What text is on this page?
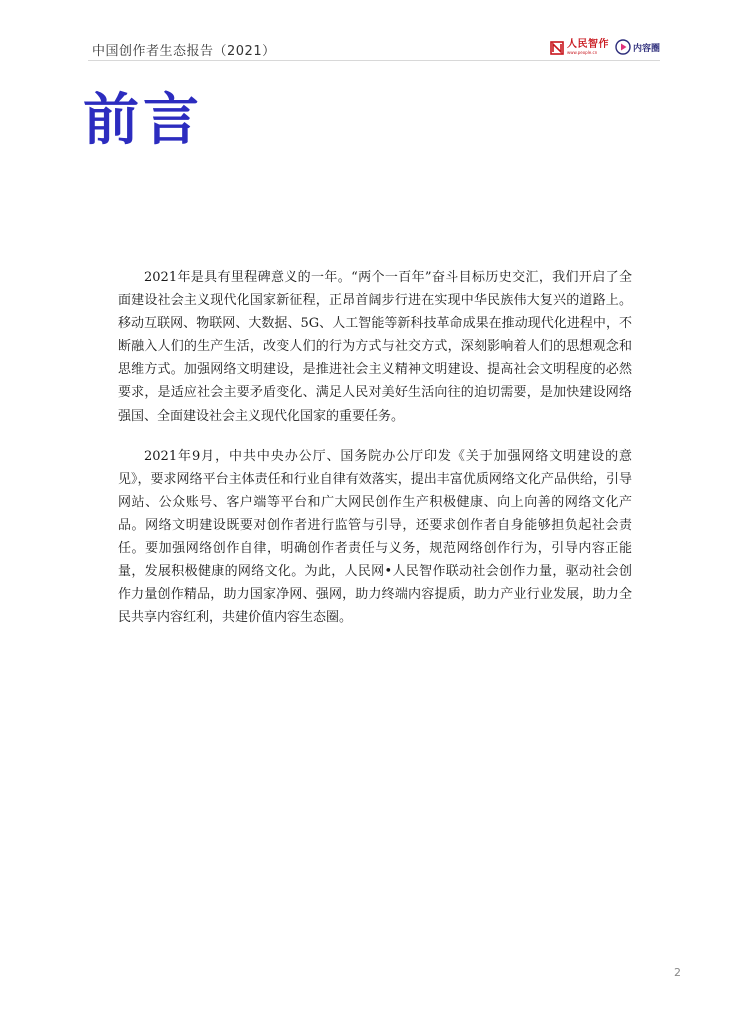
中国创作者生态报告（2021）	人民智作
www.people.cn	内容圈
前言

2021年是具有里程碑意义的一年。“两个一百年”奋斗目标历史交汇，我们开启了全面建设社会主义现代化国家新征程，正昂首阔步行进在实现中华民族伟大复兴的道路上。移动互联网、物联网、大数据、5G、人工智能等新科技革命成果在推动现代化进程中，不断融入人们的生产生活，改变人们的行为方式与社交方式，深刻影响着人们的思想观念和思维方式。加强网络文明建设，是推进社会主义精神文明建设、提高社会文明程度的必然要求，是适应社会主要矛盾变化、满足人民对美好生活向往的迫切需要，是加快建设网络强国、全面建设社会主义现代化国家的重要任务。

2021年9月，中共中央办公厅、国务院办公厅印发《关于加强网络文明建设的意见》，要求网络平台主体责任和行业自律有效落实，提出丰富优质网络文化产品供给，引导网站、公众账号、客户端等平台和广大网民创作生产积极健康、向上向善的网络文化产品。网络文明建设既要对创作者进行监管与引导，还要求创作者自身能够担负起社会责任。要加强网络创作自律，明确创作者责任与义务，规范网络创作行为，引导内容正能量，发展积极健康的网络文化。为此，人民网•人民智作联动社会创作力量，驱动社会创作力量创作精品，助力国家净网、强网，助力终端内容提质，助力产业行业发展，助力全民共享内容红利，共建价值内容生态圈。

2
